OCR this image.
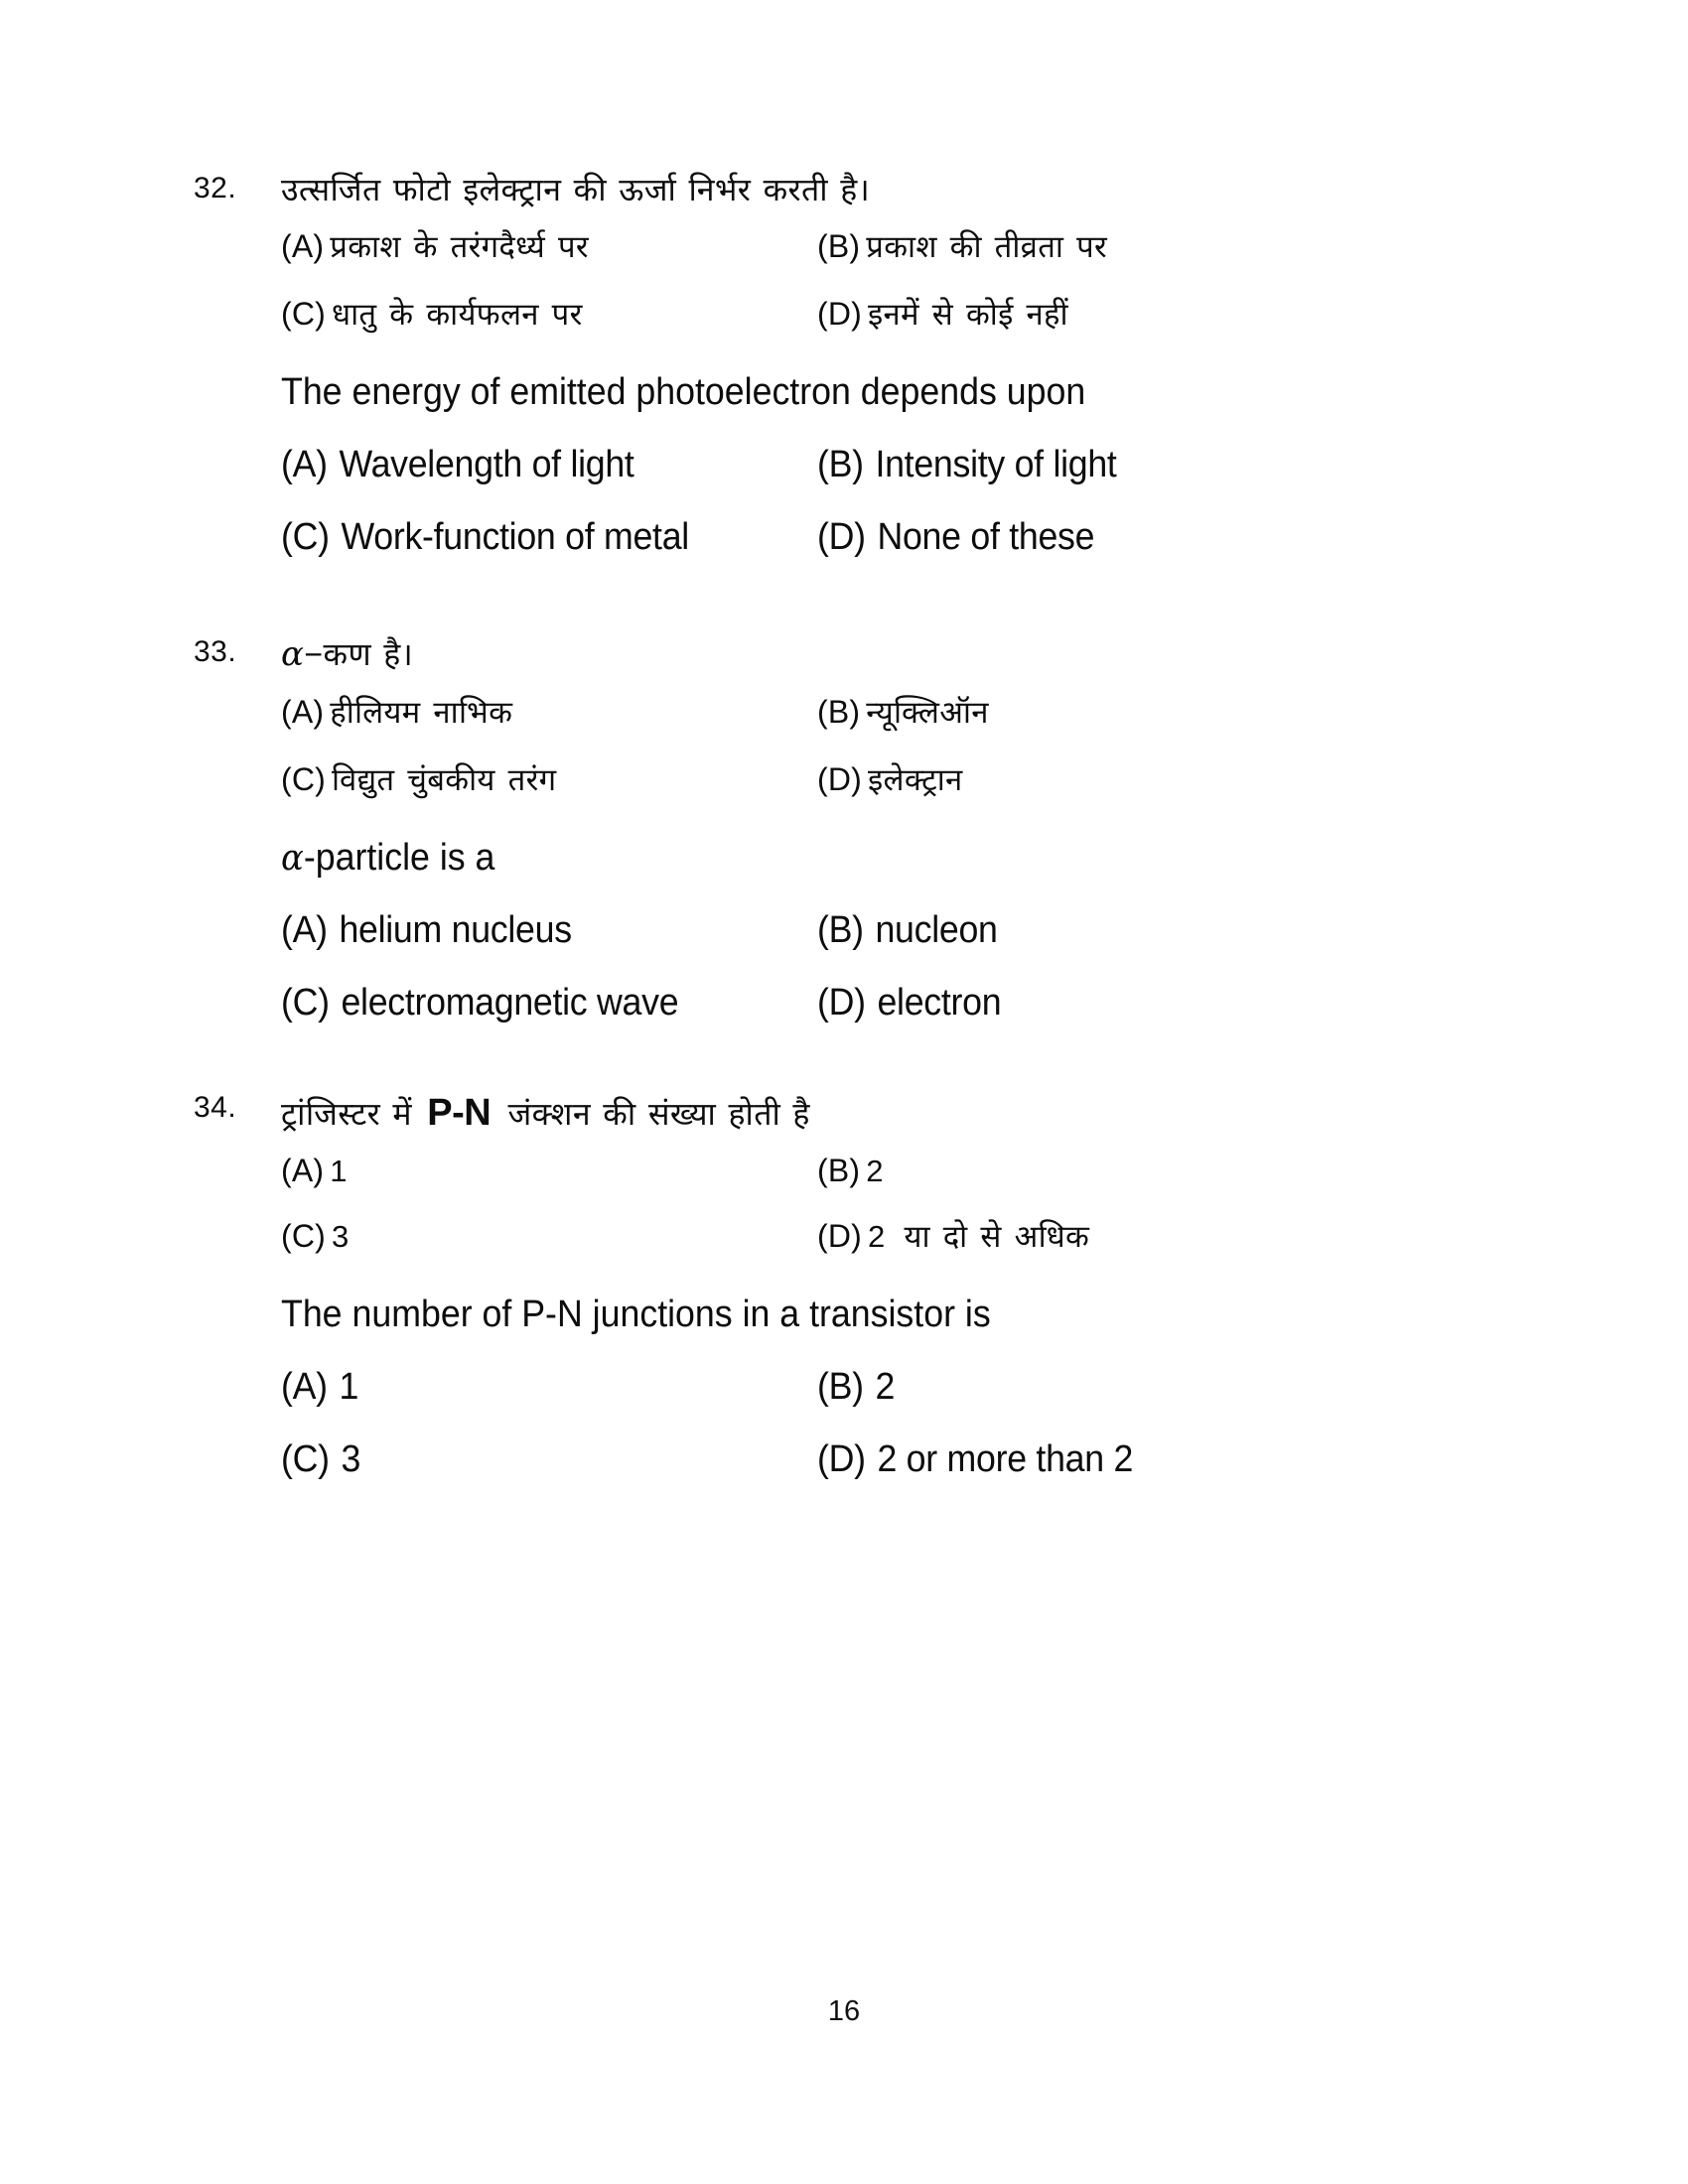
32.	उत्सर्जित फोटो इलेक्ट्रान की ऊर्जा निर्भर करती है।
(A) प्रकाश के तरंगदैर्ध्य पर	(B) प्रकाश की तीव्रता पर
(C) धातु के कार्यफलन पर	(D) इनमें से कोई नहीं
The energy of emitted photoelectron depends upon
(A) Wavelength of light	(B) Intensity of light
(C) Work-function of metal	(D) None of these
33.	α−कण है।
(A) हीलियम नाभिक	(B) न्यूक्लिऑन
(C) विद्युत चुंबकीय तरंग	(D) इलेक्ट्रान
α-particle is a
(A) helium nucleus	(B) nucleon
(C) electromagnetic wave	(D) electron
34.	ट्रांजिस्टर में P-N जंक्शन की संख्या होती है
(A) 1	(B) 2
(C) 3	(D) 2 या दो से अधिक
The number of P-N junctions in a transistor is
(A) 1	(B) 2
(C) 3	(D) 2 or more than 2
16
